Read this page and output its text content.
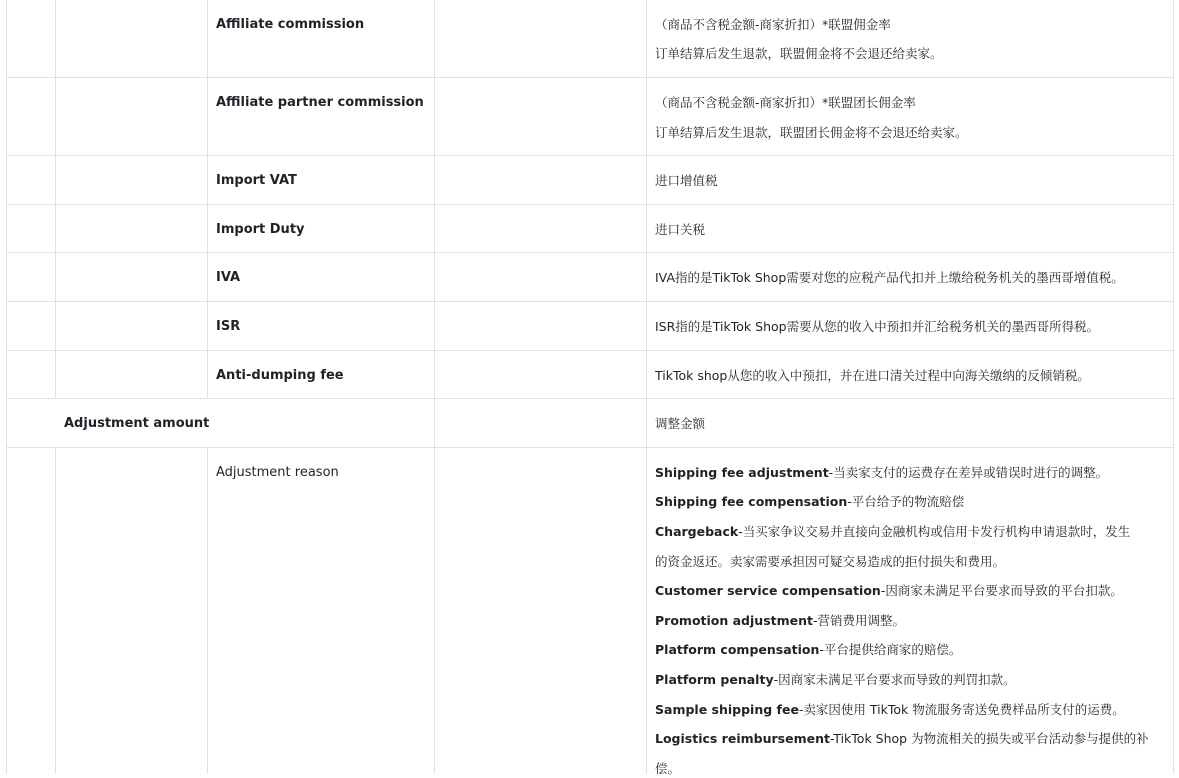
Affiliate commission	（商品不含税金额-商家折扣）*联盟佣金率
订单结算后发生退款，联盟佣金将不会退还给卖家。
Affiliate partner commission	（商品不含税金额-商家折扣）*联盟团长佣金率
订单结算后发生退款，联盟团长佣金将不会退还给卖家。
Import VAT	进口增值税
Import Duty	进口关税
IVA	IVA指的是TikTok Shop需要对您的应税产品代扣并上缴给税务机关的墨西哥增值税。
ISR	ISR指的是TikTok Shop需要从您的收入中预扣并汇给税务机关的墨西哥所得税。
Anti-dumping fee	TikTok shop从您的收入中预扣，并在进口清关过程中向海关缴纳的反倾销税。
Adjustment amount	调整金额
Adjustment reason	Shipping fee adjustment-当卖家支付的运费存在差异或错误时进行的调整。
Shipping fee compensation-平台给予的物流赔偿
Chargeback-当买家争议交易并直接向金融机构或信用卡发行机构申请退款时，发生
的资金返还。卖家需要承担因可疑交易造成的拒付损失和费用。
Customer service compensation-因商家未满足平台要求而导致的平台扣款。
Promotion adjustment-营销费用调整。
Platform compensation-平台提供给商家的赔偿。
Platform penalty-因商家未满足平台要求而导致的判罚扣款。
Sample shipping fee-卖家因使用 TikTok 物流服务寄送免费样品所支付的运费。
Logistics reimbursement-TikTok Shop 为物流相关的损失或平台活动参与提供的补
偿。
